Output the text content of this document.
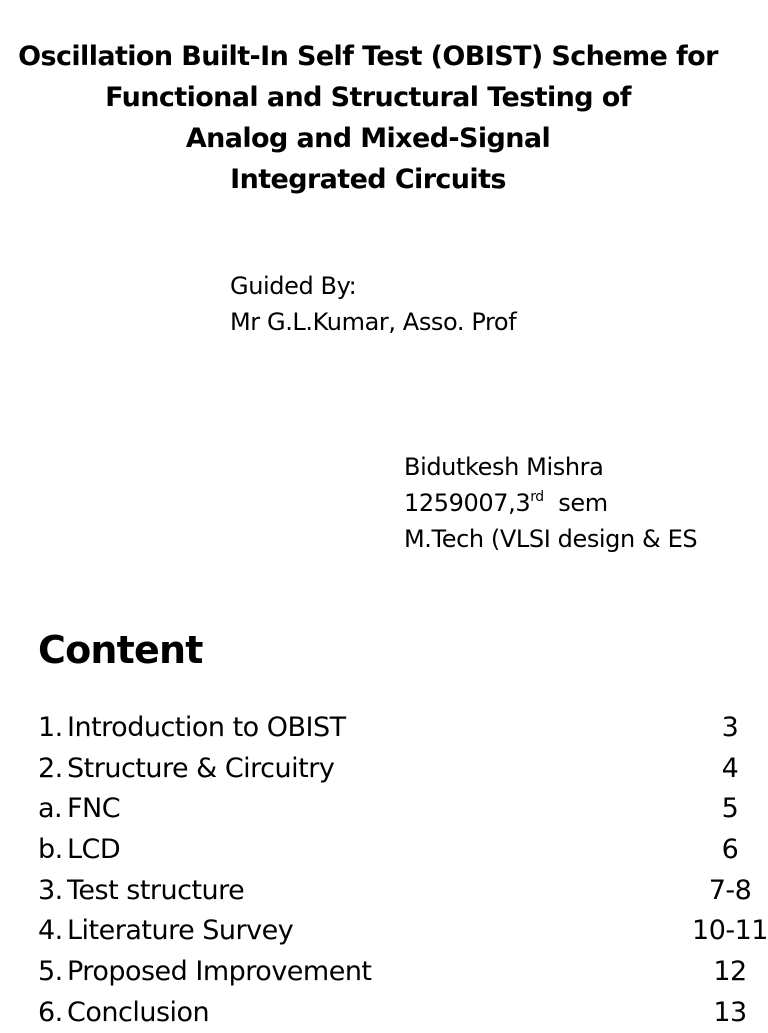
Oscillation Built-In Self Test (OBIST) Scheme for
Functional and Structural Testing of
Analog and Mixed-Signal
Integrated Circuits
Guided By:
Mr G.L.Kumar, Asso. Prof
Bidutkesh Mishra
1259007,3rd sem
M.Tech (VLSI design & ES
Content
1. Introduction to OBIST	3
2. Structure & Circuitry	4
a. FNC	5
b. LCD	6
3. Test structure	7-8
4. Literature Survey	10-11
5. Proposed Improvement	12
6. Conclusion	13
